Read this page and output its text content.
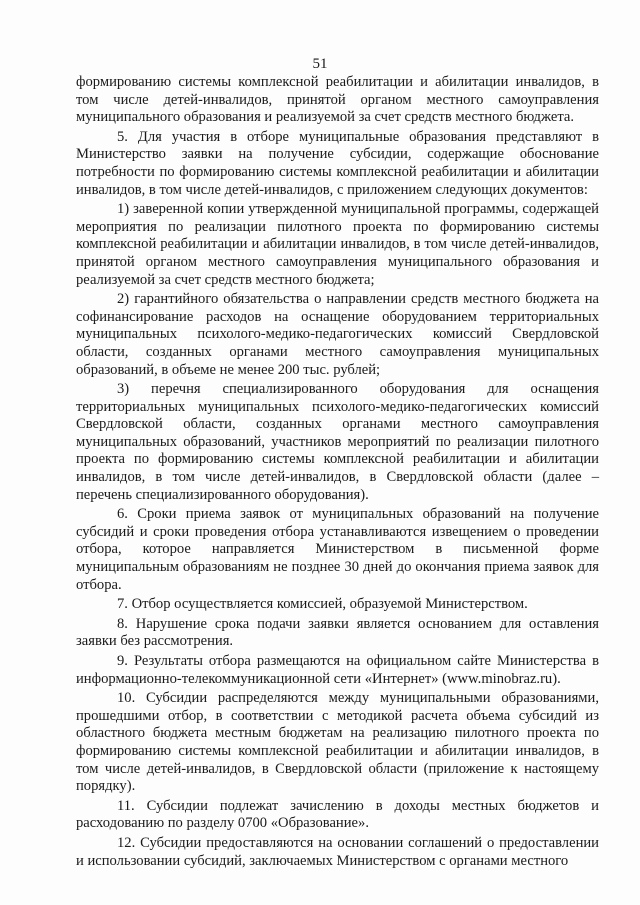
51

формированию системы комплексной реабилитации и абилитации инвалидов, в том числе детей-инвалидов, принятой органом местного самоуправления муниципального образования и реализуемой за счет средств местного бюджета.

5. Для участия в отборе муниципальные образования представляют в Министерство заявки на получение субсидии, содержащие обоснование потребности по формированию системы комплексной реабилитации и абилитации инвалидов, в том числе детей-инвалидов, с приложением следующих документов:

1) заверенной копии утвержденной муниципальной программы, содержащей мероприятия по реализации пилотного проекта по формированию системы комплексной реабилитации и абилитации инвалидов, в том числе детей-инвалидов, принятой органом местного самоуправления муниципального образования и реализуемой за счет средств местного бюджета;

2) гарантийного обязательства о направлении средств местного бюджета на софинансирование расходов на оснащение оборудованием территориальных муниципальных психолого-медико-педагогических комиссий Свердловской области, созданных органами местного самоуправления муниципальных образований, в объеме не менее 200 тыс. рублей;

3) перечня специализированного оборудования для оснащения территориальных муниципальных психолого-медико-педагогических комиссий Свердловской области, созданных органами местного самоуправления муниципальных образований, участников мероприятий по реализации пилотного проекта по формированию системы комплексной реабилитации и абилитации инвалидов, в том числе детей-инвалидов, в Свердловской области (далее – перечень специализированного оборудования).

6. Сроки приема заявок от муниципальных образований на получение субсидий и сроки проведения отбора устанавливаются извещением о проведении отбора, которое направляется Министерством в письменной форме муниципальным образованиям не позднее 30 дней до окончания приема заявок для отбора.

7. Отбор осуществляется комиссией, образуемой Министерством.

8. Нарушение срока подачи заявки является основанием для оставления заявки без рассмотрения.

9. Результаты отбора размещаются на официальном сайте Министерства в информационно-телекоммуникационной сети «Интернет» (www.minobraz.ru).

10. Субсидии распределяются между муниципальными образованиями, прошедшими отбор, в соответствии с методикой расчета объема субсидий из областного бюджета местным бюджетам на реализацию пилотного проекта по формированию системы комплексной реабилитации и абилитации инвалидов, в том числе детей-инвалидов, в Свердловской области (приложение к настоящему порядку).

11. Субсидии подлежат зачислению в доходы местных бюджетов и расходованию по разделу 0700 «Образование».

12. Субсидии предоставляются на основании соглашений о предоставлении и использовании субсидий, заключаемых Министерством с органами местного
